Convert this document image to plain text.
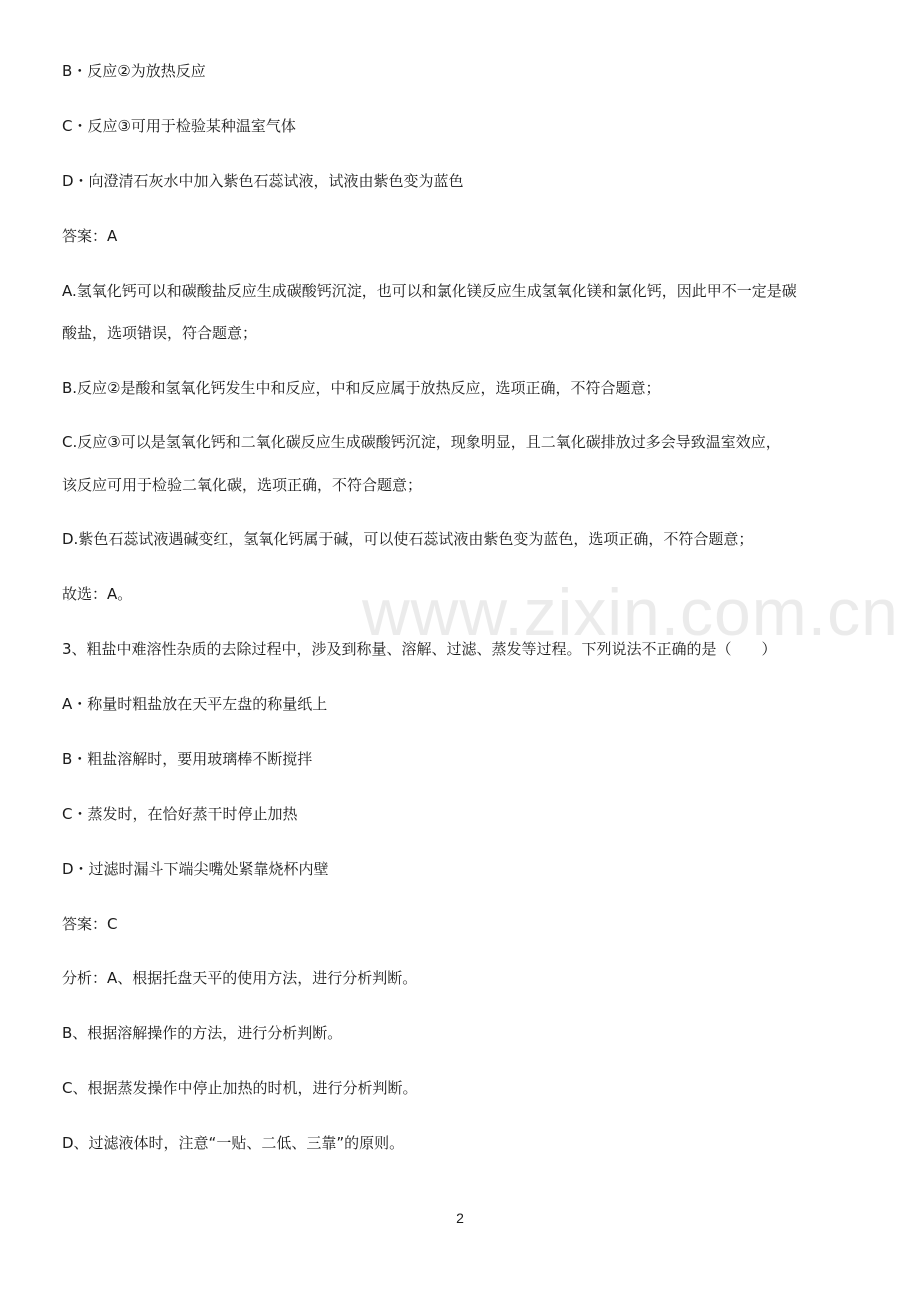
www.zixin.com.cn
B・反应②为放热反应
C・反应③可用于检验某种温室气体
D・向澄清石灰水中加入紫色石蕊试液，试液由紫色变为蓝色
答案：A
A.氢氧化钙可以和碳酸盐反应生成碳酸钙沉淀，也可以和氯化镁反应生成氢氧化镁和氯化钙，因此甲不一定是碳
酸盐，选项错误，符合题意；
B.反应②是酸和氢氧化钙发生中和反应，中和反应属于放热反应，选项正确，不符合题意；
C.反应③可以是氢氧化钙和二氧化碳反应生成碳酸钙沉淀，现象明显，且二氧化碳排放过多会导致温室效应，
该反应可用于检验二氧化碳，选项正确，不符合题意；
D.紫色石蕊试液遇碱变红，氢氧化钙属于碱，可以使石蕊试液由紫色变为蓝色，选项正确，不符合题意；
故选：A。
3、粗盐中难溶性杂质的去除过程中，涉及到称量、溶解、过滤、蒸发等过程。下列说法不正确的是（　　）
A・称量时粗盐放在天平左盘的称量纸上
B・粗盐溶解时，要用玻璃棒不断搅拌
C・蒸发时，在恰好蒸干时停止加热
D・过滤时漏斗下端尖嘴处紧靠烧杯内壁
答案：C
分析：A、根据托盘天平的使用方法，进行分析判断。
B、根据溶解操作的方法，进行分析判断。
C、根据蒸发操作中停止加热的时机，进行分析判断。
D、过滤液体时，注意“一贴、二低、三靠”的原则。
2
